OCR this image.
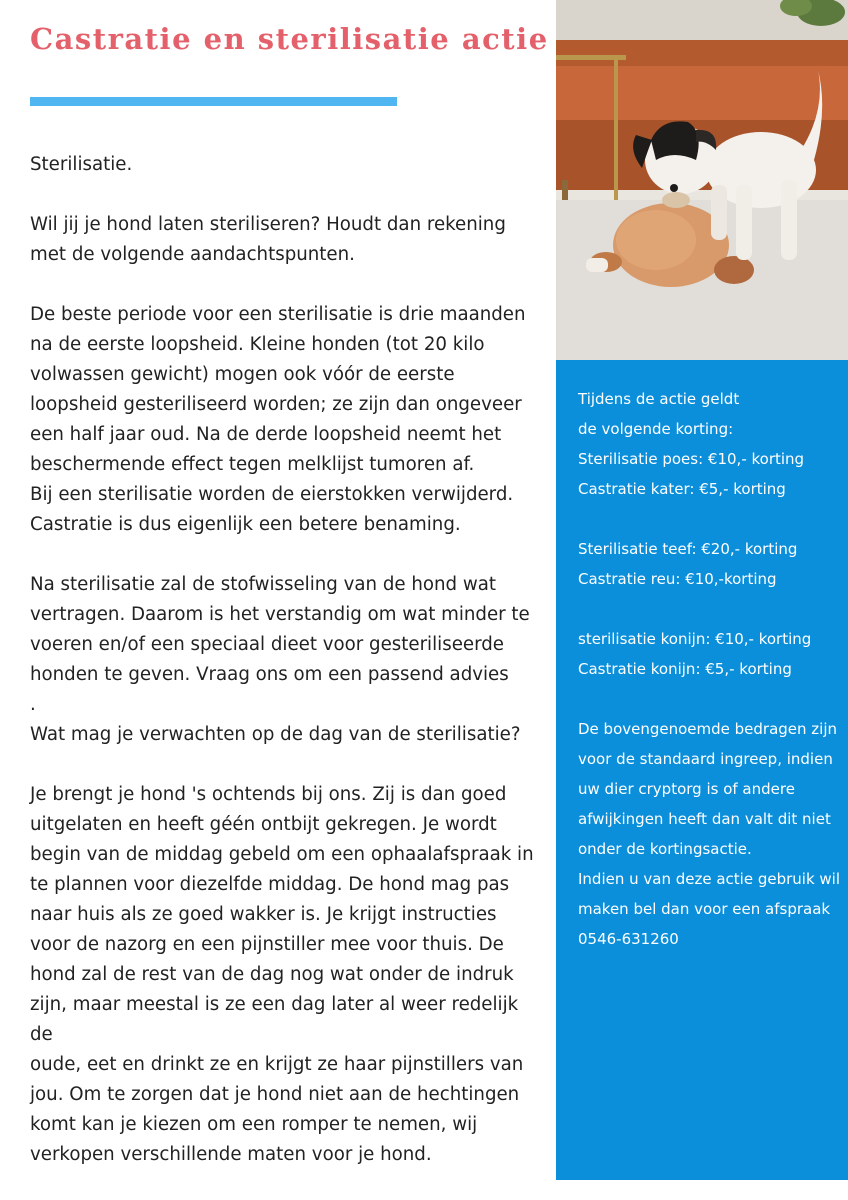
Castratie en sterilisatie actie

Sterilisatie.

Wil jij je hond laten steriliseren? Houdt dan rekening
met de volgende aandachtspunten.

De beste periode voor een sterilisatie is drie maanden
na de eerste loopsheid. Kleine honden (tot 20 kilo
volwassen gewicht) mogen ook vóór de eerste
loopsheid gesteriliseerd worden; ze zijn dan ongeveer
een half jaar oud. Na de derde loopsheid neemt het
beschermende effect tegen melklijst tumoren af.
Bij een sterilisatie worden de eierstokken verwijderd.
Castratie is dus eigenlijk een betere benaming.

Na sterilisatie zal de stofwisseling van de hond wat
vertragen. Daarom is het verstandig om wat minder te
voeren en/of een speciaal dieet voor gesteriliseerde
honden te geven. Vraag ons om een passend advies
.
Wat mag je verwachten op de dag van de sterilisatie?

Je brengt je hond 's ochtends bij ons. Zij is dan goed
uitgelaten en heeft géén ontbijt gekregen. Je wordt
begin van de middag gebeld om een ophaalafspraak in
te plannen voor diezelfde middag. De hond mag pas
naar huis als ze goed wakker is. Je krijgt instructies
voor de nazorg en een pijnstiller mee voor thuis. De
hond zal de rest van de dag nog wat onder de indruk
zijn, maar meestal is ze een dag later al weer redelijk de
oude, eet en drinkt ze en krijgt ze haar pijnstillers van
jou. Om te zorgen dat je hond niet aan de hechtingen
komt kan je kiezen om een romper te nemen, wij
verkopen verschillende maten voor je hond.

Tijdens de actie geldt
de volgende korting:
Sterilisatie poes: €10,- korting
Castratie kater: €5,- korting

Sterilisatie teef: €20,- korting
Castratie reu: €10,-korting

sterilisatie konijn: €10,- korting
Castratie konijn: €5,- korting

De bovengenoemde bedragen zijn
voor de standaard ingreep, indien
uw dier cryptorg is of andere
afwijkingen heeft dan valt dit niet
onder de kortingsactie.
Indien u van deze actie gebruik wil
maken bel dan voor een afspraak
0546-631260
